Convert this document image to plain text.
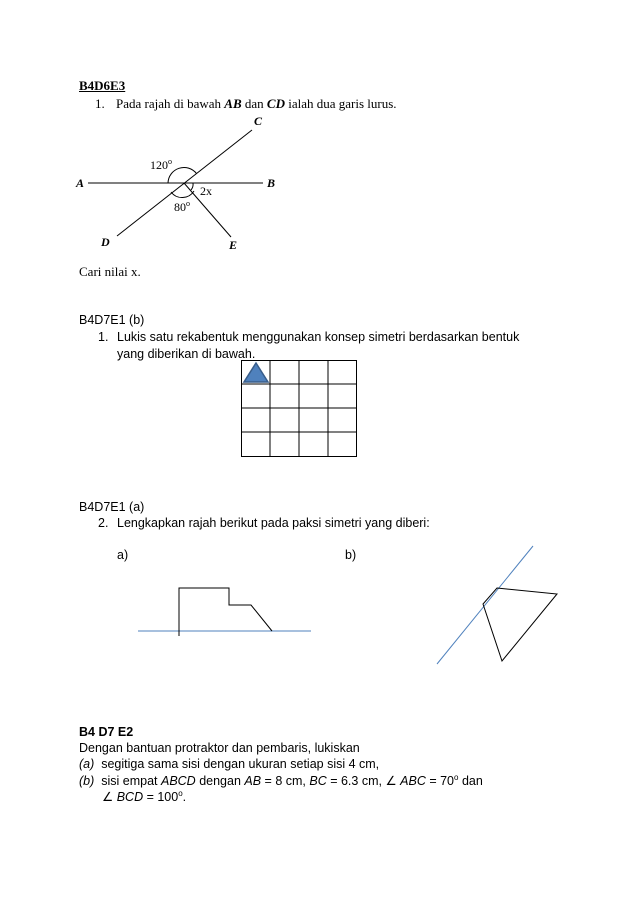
B4D6E3
1. Pada rajah di bawah AB dan CD ialah dua garis lurus.
C
A	B
D	E
120$^o$
80$^o$
2x
Cari nilai x.
B4D7E1 (b)
1. Lukis satu rekabentuk menggunakan konsep simetri berdasarkan bentuk
yang diberikan di bawah.
B4D7E1 (a)
2. Lengkapkan rajah berikut pada paksi simetri yang diberi:
a)	b)
B4 D7 E2
Dengan bantuan protraktor dan pembaris, lukiskan
(a) segitiga sama sisi dengan ukuran setiap sisi 4 cm,
(b) sisi empat ABCD dengan AB = 8 cm, BC = 6.3 cm, ∠ ABC = $70^o$ dan
∠ BCD = $100^o$.
